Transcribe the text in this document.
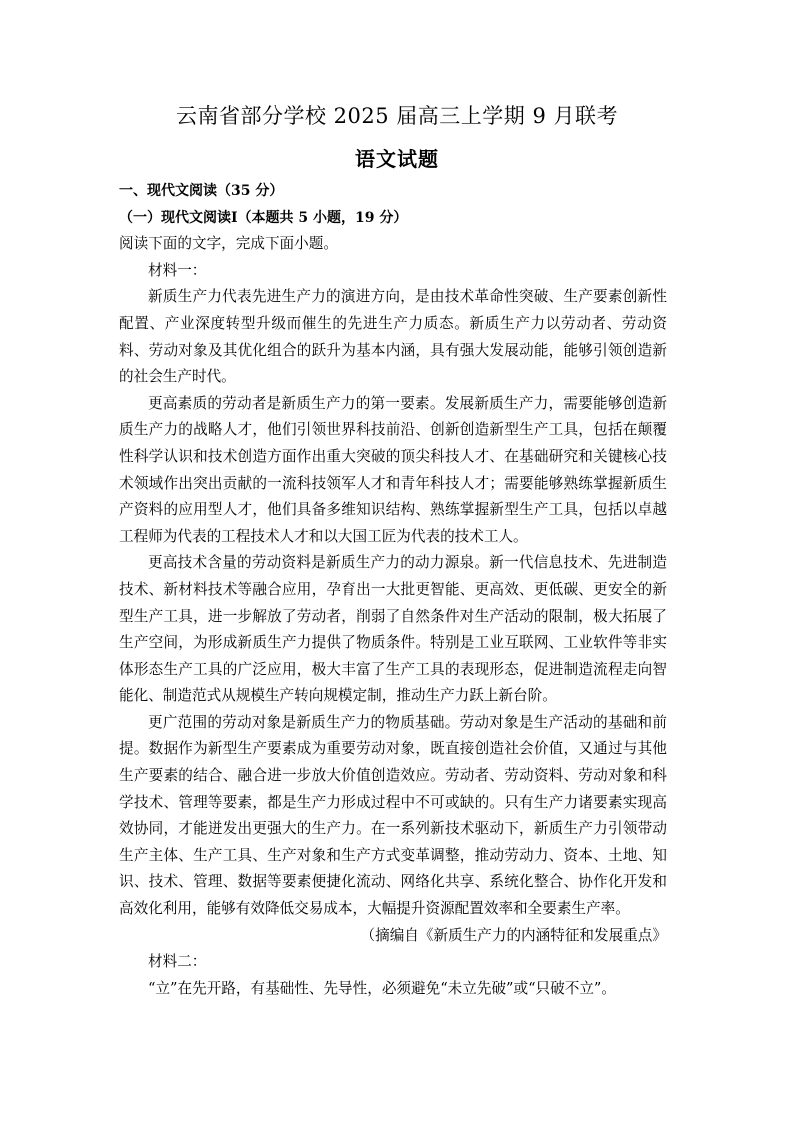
云南省部分学校 2025 届高三上学期 9 月联考
语文试题

一、现代文阅读（35 分）

（一）现代文阅读Ⅰ（本题共 5 小题，19 分）

阅读下面的文字，完成下面小题。

材料一：

新质生产力代表先进生产力的演进方向，是由技术革命性突破、生产要素创新性配置、产业深度转型升级而催生的先进生产力质态。新质生产力以劳动者、劳动资料、劳动对象及其优化组合的跃升为基本内涵，具有强大发展动能，能够引领创造新的社会生产时代。

更高素质的劳动者是新质生产力的第一要素。发展新质生产力，需要能够创造新质生产力的战略人才，他们引领世界科技前沿、创新创造新型生产工具，包括在颠覆性科学认识和技术创造方面作出重大突破的顶尖科技人才、在基础研究和关键核心技术领域作出突出贡献的一流科技领军人才和青年科技人才；需要能够熟练掌握新质生产资料的应用型人才，他们具备多维知识结构、熟练掌握新型生产工具，包括以卓越工程师为代表的工程技术人才和以大国工匠为代表的技术工人。

更高技术含量的劳动资料是新质生产力的动力源泉。新一代信息技术、先进制造技术、新材料技术等融合应用，孕育出一大批更智能、更高效、更低碳、更安全的新型生产工具，进一步解放了劳动者，削弱了自然条件对生产活动的限制，极大拓展了生产空间，为形成新质生产力提供了物质条件。特别是工业互联网、工业软件等非实体形态生产工具的广泛应用，极大丰富了生产工具的表现形态，促进制造流程走向智能化、制造范式从规模生产转向规模定制，推动生产力跃上新台阶。

更广范围的劳动对象是新质生产力的物质基础。劳动对象是生产活动的基础和前提。数据作为新型生产要素成为重要劳动对象，既直接创造社会价值，又通过与其他生产要素的结合、融合进一步放大价值创造效应。劳动者、劳动资料、劳动对象和科学技术、管理等要素，都是生产力形成过程中不可或缺的。只有生产力诸要素实现高效协同，才能迸发出更强大的生产力。在一系列新技术驱动下，新质生产力引领带动生产主体、生产工具、生产对象和生产方式变革调整，推动劳动力、资本、土地、知识、技术、管理、数据等要素便捷化流动、网络化共享、系统化整合、协作化开发和高效化利用，能够有效降低交易成本，大幅提升资源配置效率和全要素生产率。

（摘编自《新质生产力的内涵特征和发展重点》

材料二：

“立”在先开路，有基础性、先导性，必须避免“未立先破”或“只破不立”。
